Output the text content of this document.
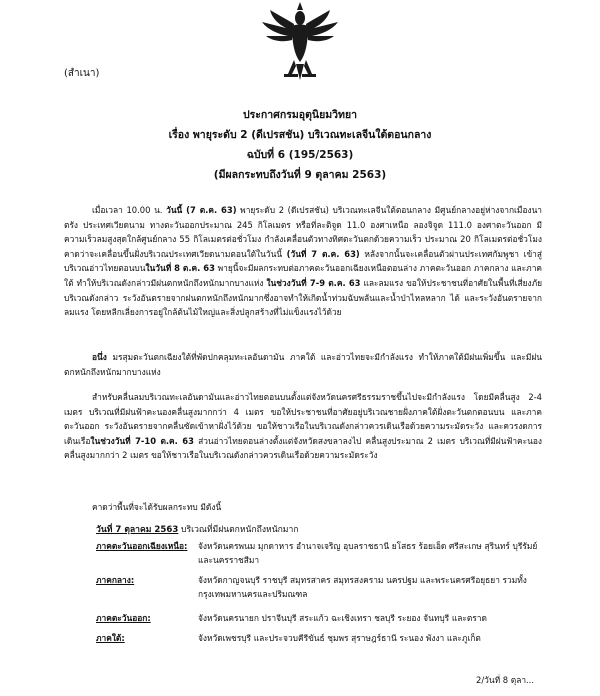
(สำเนา)
ประกาศกรมอุตุนิยมวิทยา
เรื่อง พายุระดับ 2 (ดีเปรสชัน) บริเวณทะเลจีนใต้ตอนกลาง
ฉบับที่ 6 (195/2563)
(มีผลกระทบถึงวันที่ 9 ตุลาคม 2563)
เมื่อเวลา 10.00 น. วันนี้ (7 ต.ค. 63) พายุระดับ 2 (ดีเปรสชัน) บริเวณทะเลจีนใต้ตอนกลาง มีศูนย์กลางอยู่ห่างจากเมืองนาตรัง ประเทศเวียดนาม ทางตะวันออกประมาณ 245 กิโลเมตร หรือที่ละติจูด 11.0 องศาเหนือ ลองจิจูด 111.0 องศาตะวันออก มีความเร็วลมสูงสุดใกล้ศูนย์กลาง 55 กิโลเมตรต่อชั่วโมง กำลังเคลื่อนตัวทางทิศตะวันตกด้วยความเร็ว ประมาณ 20 กิโลเมตรต่อชั่วโมง คาดว่าจะเคลื่อนขึ้นฝั่งบริเวณประเทศเวียดนามตอนใต้ในวันนี้ (วันที่ 7 ต.ค. 63) หลังจากนั้นจะเคลื่อนตัวผ่านประเทศกัมพูชา เข้าสู่บริเวณอ่าวไทยตอนบนในวันที่ 8 ต.ค. 63 พายุนี้จะมีผลกระทบต่อภาคตะวันออกเฉียงเหนือตอนล่าง ภาคตะวันออก ภาคกลาง และภาคใต้ ทำให้บริเวณดังกล่าวมีฝนตกหนักถึงหนักมากบางแห่ง ในช่วงวันที่ 7-9 ต.ค. 63 และลมแรง ขอให้ประชาชนที่อาศัยในพื้นที่เสี่ยงภัยบริเวณดังกล่าว ระวังอันตรายจากฝนตกหนักถึงหนักมากซึ่งอาจทำให้เกิดน้ำท่วมฉับพลันและน้ำป่าไหลหลาก ได้ และระวังอันตรายจากลมแรง โดยหลีกเลี่ยงการอยู่ใกล้ต้นไม้ใหญ่และสิ่งปลูกสร้างที่ไม่แข็งแรงไว้ด้วย
อนึ่ง มรสุมตะวันตกเฉียงใต้ที่พัดปกคลุมทะเลอันดามัน ภาคใต้ และอ่าวไทยจะมีกำลังแรง ทำให้ภาคใต้มีฝนเพิ่มขึ้น และมีฝนตกหนักถึงหนักมากบางแห่ง
สำหรับคลื่นลมบริเวณทะเลอันดามันและอ่าวไทยตอนบนตั้งแต่จังหวัดนครศรีธรรมราชขึ้นไปจะมีกำลังแรง โดยมีคลื่นสูง 2-4 เมตร บริเวณที่มีฝนฟ้าคะนองคลื่นสูงมากกว่า 4 เมตร ขอให้ประชาชนที่อาศัยอยู่บริเวณชายฝั่งภาคใต้ฝั่งตะวันตกตอนบน และภาคตะวันออก ระวังอันตรายจากคลื่นซัดเข้าหาฝั่งไว้ด้วย ขอให้ชาวเรือในบริเวณดังกล่าวควรเดินเรือด้วยความระมัดระวัง และควรงดการเดินเรือในช่วงวันที่ 7-10 ต.ค. 63 ส่วนอ่าวไทยตอนล่างตั้งแต่จังหวัดสงขลาลงไป คลื่นสูงประมาณ 2 เมตร บริเวณที่มีฝนฟ้าคะนองคลื่นสูงมากกว่า 2 เมตร ขอให้ชาวเรือในบริเวณดังกล่าวควรเดินเรือด้วยความระมัดระวัง
คาดว่าพื้นที่จะได้รับผลกระทบ มีดังนี้
วันที่ 7 ตุลาคม 2563 บริเวณที่มีฝนตกหนักถึงหนักมาก
ภาคตะวันออกเฉียงเหนือ: จังหวัดนครพนม มุกดาหาร อำนาจเจริญ อุบลราชธานี ยโสธร ร้อยเอ็ด ศรีสะเกษ สุรินทร์ บุรีรัมย์ และนครราชสีมา
ภาคกลาง:	จังหวัดกาญจนบุรี ราชบุรี สมุทรสาคร สมุทรสงคราม นครปฐม และพระนครศรีอยุธยา รวมทั้งกรุงเทพมหานครและปริมณฑล
ภาคตะวันออก:	จังหวัดนครนายก ปราจีนบุรี สระแก้ว ฉะเชิงเทรา ชลบุรี ระยอง จันทบุรี และตราด
ภาคใต้:	จังหวัดเพชรบุรี และประจวบคีรีขันธ์ ชุมพร สุราษฎร์ธานี ระนอง พังงา และภูเก็ต
2/วันที่ 8 ตุลา...
